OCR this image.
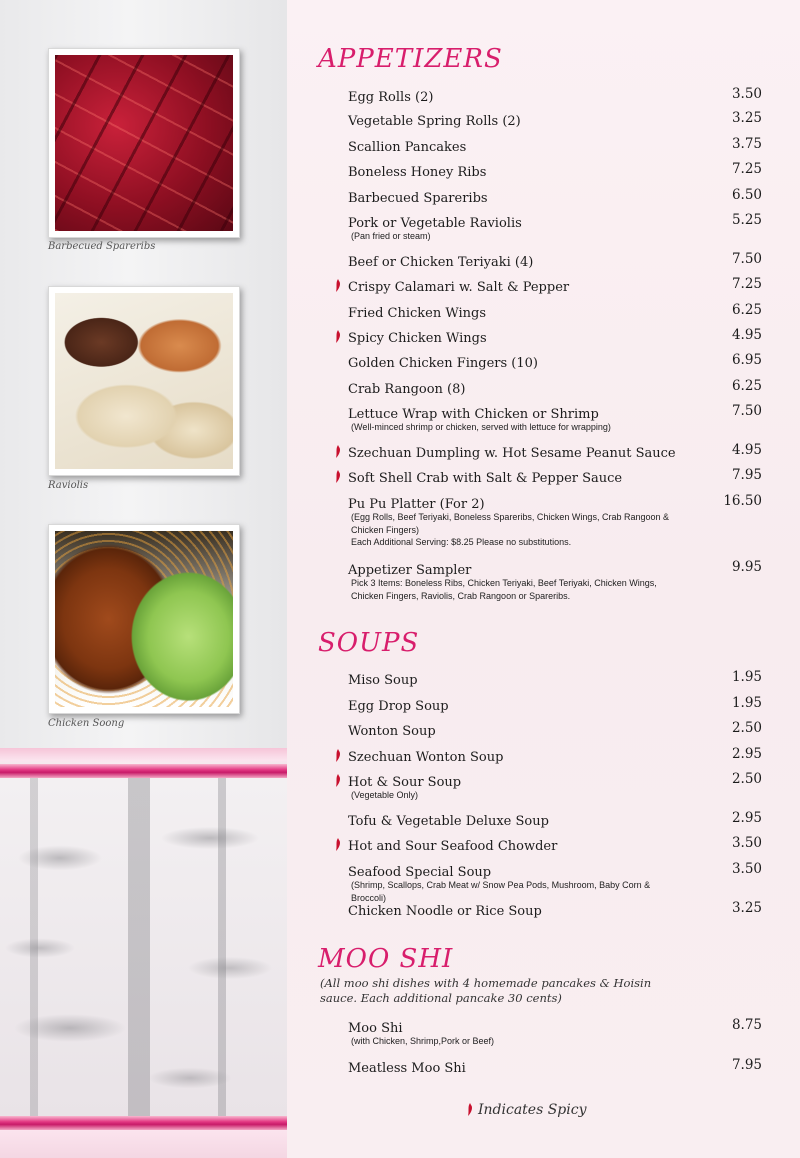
Barbecued Spareribs
Raviolis
Chicken Soong
APPETIZERS
Egg Rolls (2)	3.50
Vegetable Spring Rolls (2)	3.25
Scallion Pancakes	3.75
Boneless Honey Ribs	7.25
Barbecued Spareribs	6.50
Pork or Vegetable Raviolis	5.25
(Pan fried or steam)
Beef or Chicken Teriyaki (4)	7.50
Crispy Calamari w. Salt & Pepper	7.25
Fried Chicken Wings	6.25
Spicy Chicken Wings	4.95
Golden Chicken Fingers (10)	6.95
Crab Rangoon (8)	6.25
Lettuce Wrap with Chicken or Shrimp	7.50
(Well-minced shrimp or chicken, served with lettuce for wrapping)
Szechuan Dumpling w. Hot Sesame Peanut Sauce	4.95
Soft Shell Crab with Salt & Pepper Sauce	7.95
Pu Pu Platter (For 2)	16.50
(Egg Rolls, Beef Teriyaki, Boneless Spareribs, Chicken Wings, Crab Rangoon & Chicken Fingers)
Each Additional Serving: $8.25 Please no substitutions.
Appetizer Sampler	9.95
Pick 3 Items: Boneless Ribs, Chicken Teriyaki, Beef Teriyaki, Chicken Wings, Chicken Fingers, Raviolis, Crab Rangoon or Spareribs.
SOUPS
Miso Soup	1.95
Egg Drop Soup	1.95
Wonton Soup	2.50
Szechuan Wonton Soup	2.95
Hot & Sour Soup	2.50
(Vegetable Only)
Tofu & Vegetable Deluxe Soup	2.95
Hot and Sour Seafood Chowder	3.50
Seafood Special Soup	3.50
(Shrimp, Scallops, Crab Meat w/ Snow Pea Pods, Mushroom, Baby Corn & Broccoli)
Chicken Noodle or Rice Soup	3.25
MOO SHI
(All moo shi dishes with 4 homemade pancakes & Hoisin sauce. Each additional pancake 30 cents)
Moo Shi	8.75
(with Chicken, Shrimp,Pork or Beef)
Meatless Moo Shi	7.95
Indicates Spicy
